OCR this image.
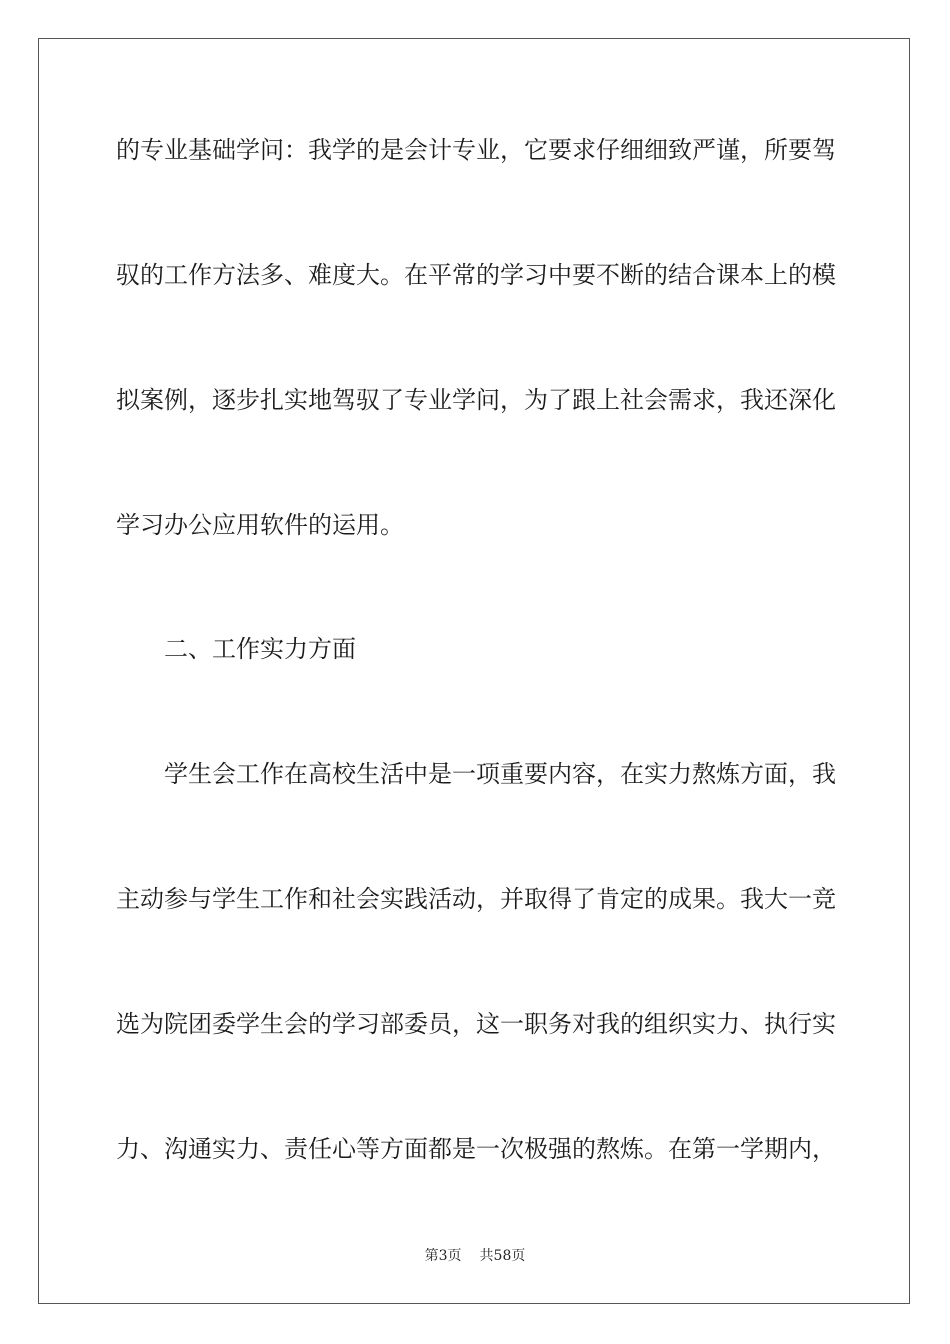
的专业基础学问：我学的是会计专业，它要求仔细细致严谨，所要驾
驭的工作方法多、难度大。在平常的学习中要不断的结合课本上的模
拟案例，逐步扎实地驾驭了专业学问，为了跟上社会需求，我还深化
学习办公应用软件的运用。
二、工作实力方面
学生会工作在高校生活中是一项重要内容，在实力熬炼方面，我
主动参与学生工作和社会实践活动，并取得了肯定的成果。我大一竞
选为院团委学生会的学习部委员，这一职务对我的组织实力、执行实
力、沟通实力、责任心等方面都是一次极强的熬炼。在第一学期内，
第3页 共58页
